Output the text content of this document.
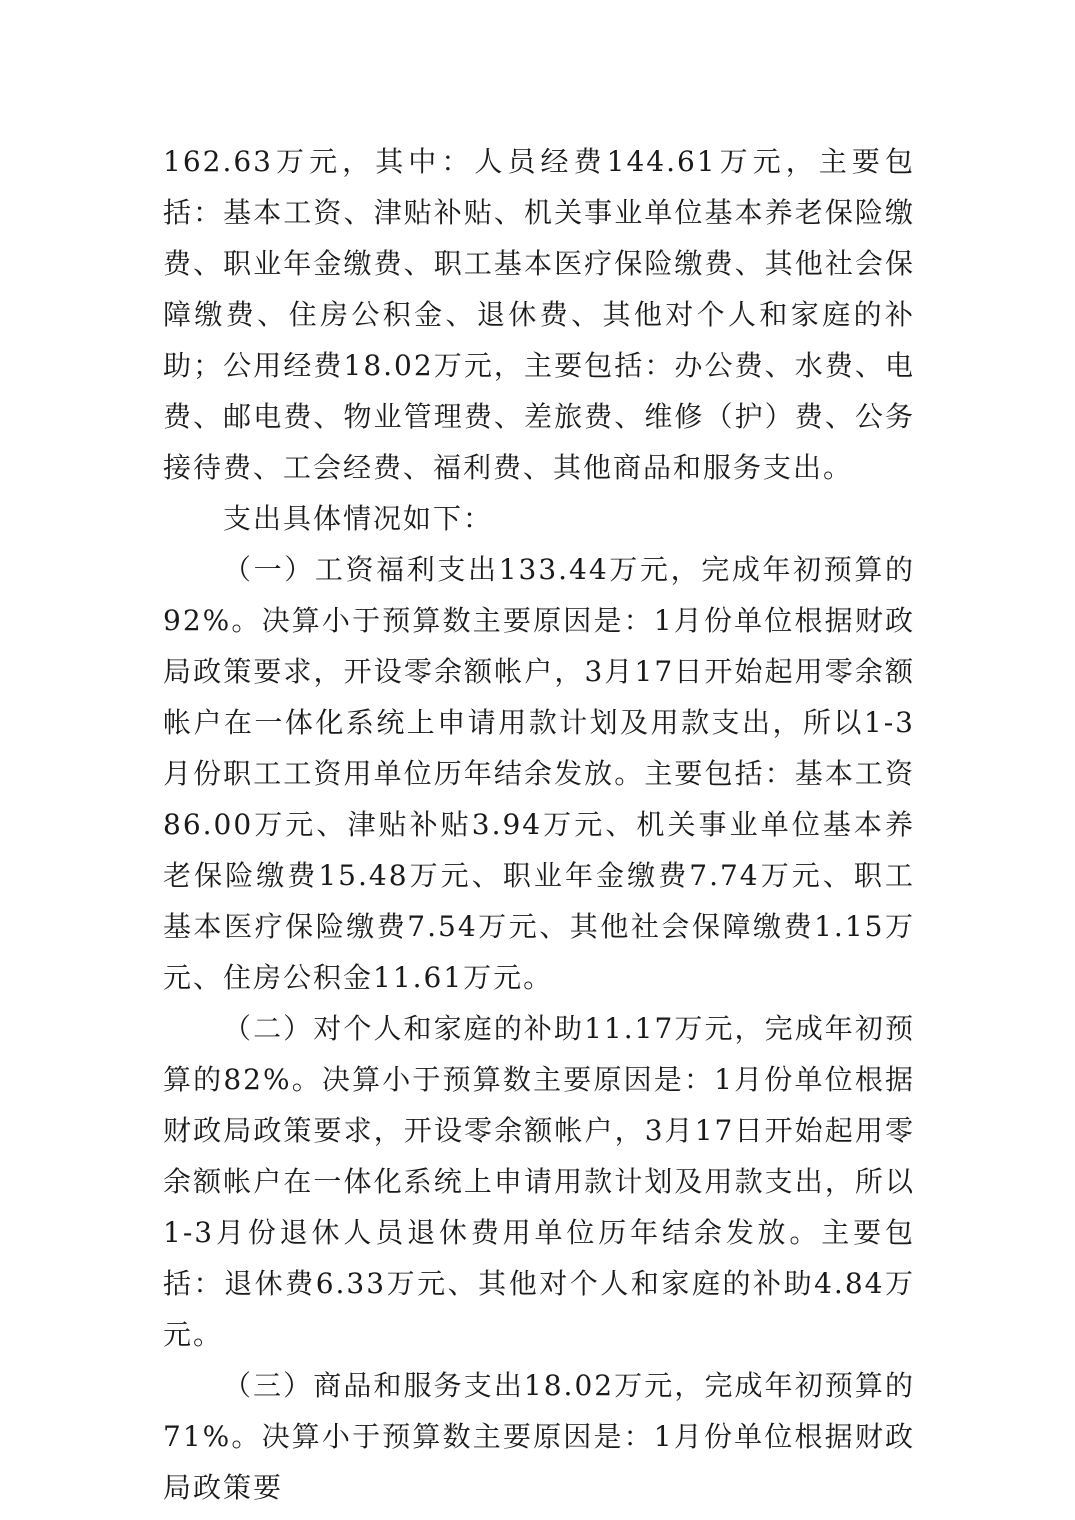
162.63万元，其中：人员经费144.61万元，主要包括：基本工资、津贴补贴、机关事业单位基本养老保险缴费、职业年金缴费、职工基本医疗保险缴费、其他社会保障缴费、住房公积金、退休费、其他对个人和家庭的补助；公用经费18.02万元，主要包括：办公费、水费、电费、邮电费、物业管理费、差旅费、维修（护）费、公务接待费、工会经费、福利费、其他商品和服务支出。

支出具体情况如下：

（一）工资福利支出133.44万元，完成年初预算的92%。决算小于预算数主要原因是：1月份单位根据财政局政策要求，开设零余额帐户，3月17日开始起用零余额帐户在一体化系统上申请用款计划及用款支出，所以1-3月份职工工资用单位历年结余发放。主要包括：基本工资86.00万元、津贴补贴3.94万元、机关事业单位基本养老保险缴费15.48万元、职业年金缴费7.74万元、职工基本医疗保险缴费7.54万元、其他社会保障缴费1.15万元、住房公积金11.61万元。

（二）对个人和家庭的补助11.17万元，完成年初预算的82%。决算小于预算数主要原因是：1月份单位根据财政局政策要求，开设零余额帐户，3月17日开始起用零余额帐户在一体化系统上申请用款计划及用款支出，所以1-3月份退休人员退休费用单位历年结余发放。主要包括：退休费6.33万元、其他对个人和家庭的补助4.84万元。

（三）商品和服务支出18.02万元，完成年初预算的71%。决算小于预算数主要原因是：1月份单位根据财政局政策要
